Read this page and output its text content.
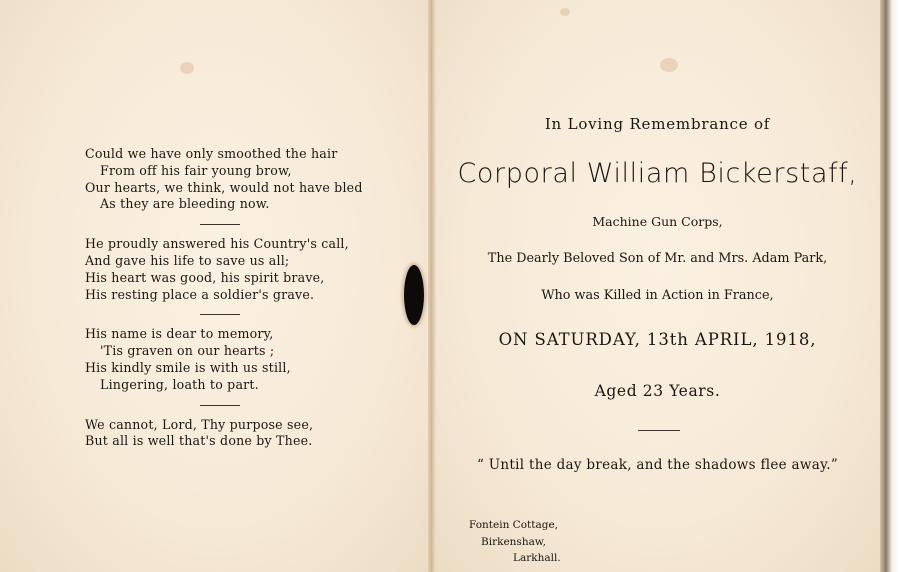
Could we have only smoothed the hair
From off his fair young brow,
Our hearts, we think, would not have bled
As they are bleeding now.
He proudly answered his Country's call,
And gave his life to save us all;
His heart was good, his spirit brave,
His resting place a soldier's grave.
His name is dear to memory,
'Tis graven on our hearts ;
His kindly smile is with us still,
Lingering, loath to part.
We cannot, Lord, Thy purpose see,
But all is well that's done by Thee.
In Loving Remembrance of
Corporal William Bickerstaff,
Machine Gun Corps,
The Dearly Beloved Son of Mr. and Mrs. Adam Park,
Who was Killed in Action in France,
ON SATURDAY, 13th APRIL, 1918,
Aged 23 Years.
“ Until the day break, and the shadows flee away.”
Fontein Cottage,
Birkenshaw,
Larkhall.
